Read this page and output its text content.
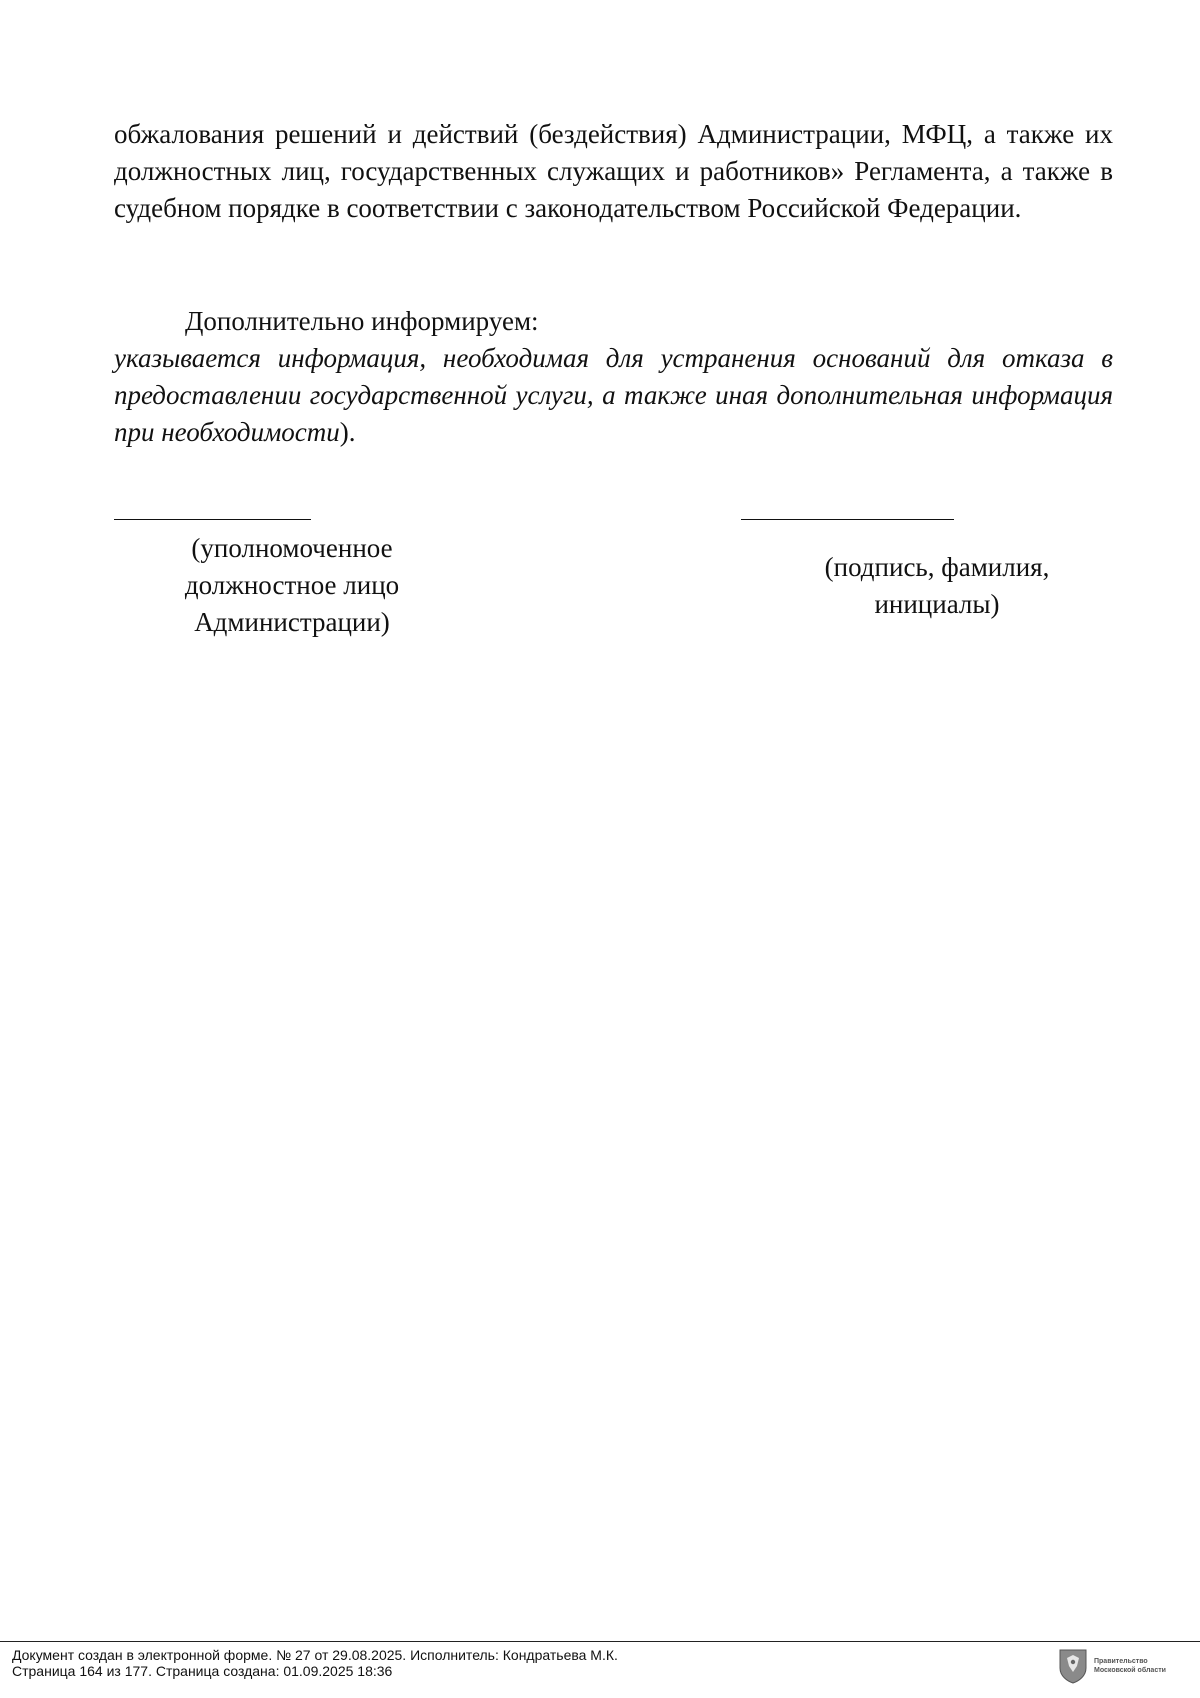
обжалования решений и действий (бездействия) Администрации, МФЦ, а также их должностных лиц, государственных служащих и работников» Регламента, а также в судебном порядке в соответствии с законодательством Российской Федерации.
Дополнительно информируем:
указывается информация, необходимая для устранения оснований для отказа в предоставлении государственной услуги, а также иная дополнительная информация при необходимости).
(уполномоченное
должностное лицо
Администрации)
(подпись, фамилия,
инициалы)
Документ создан в электронной форме. № 27 от 29.08.2025. Исполнитель: Кондратьева М.К.
Страница 164 из 177. Страница создана: 01.09.2025 18:36
Правительство
Московской области
